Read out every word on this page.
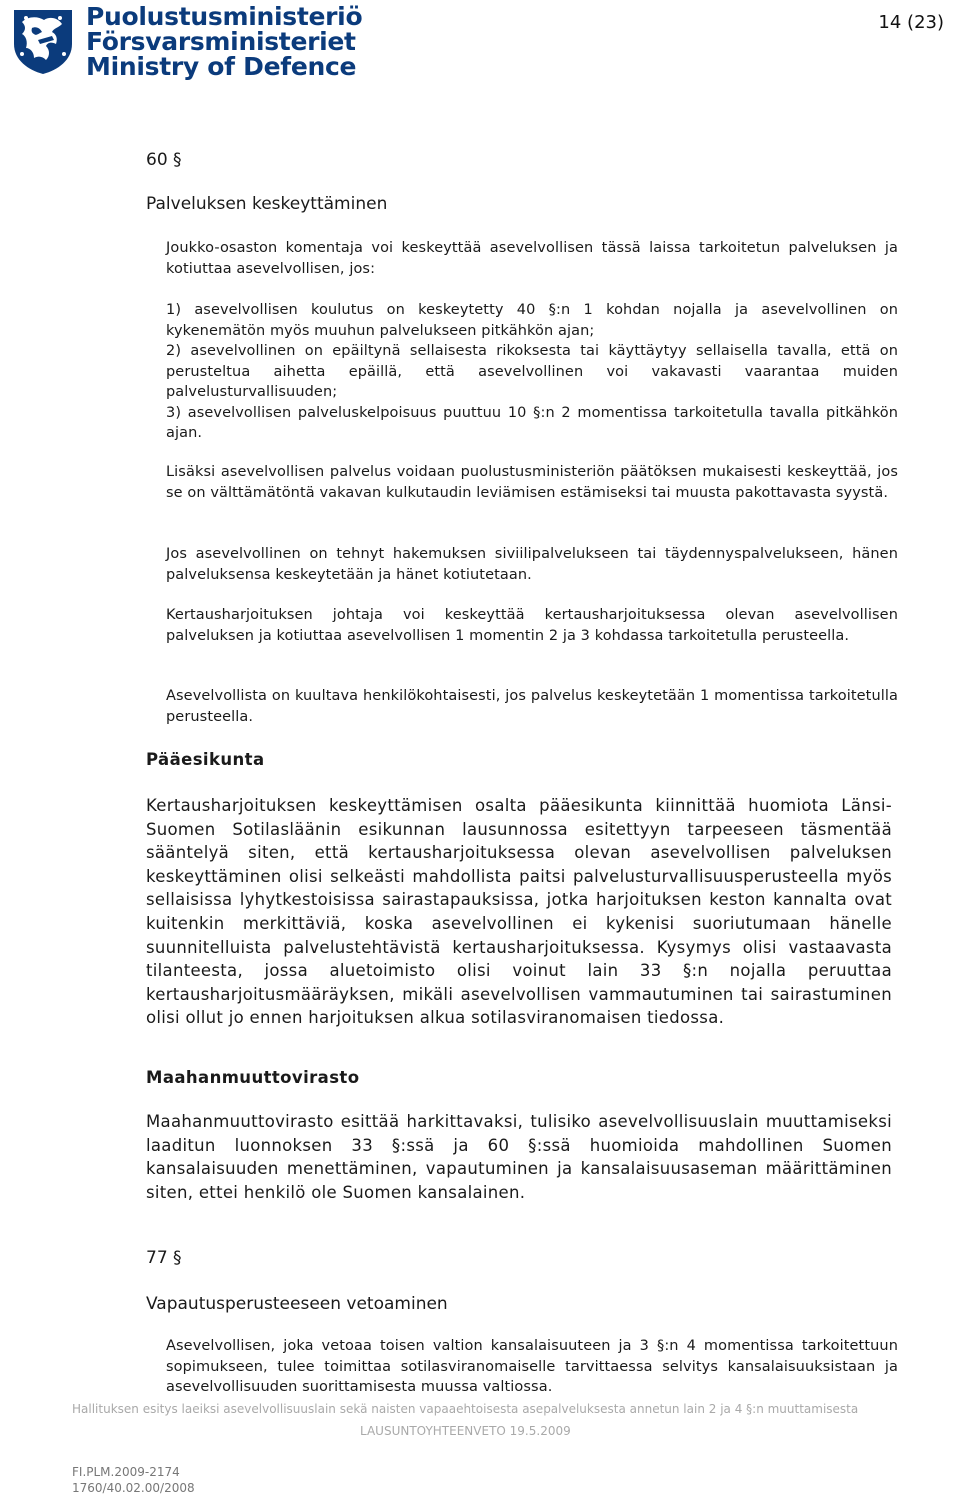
Puolustusministeriö
Försvarsministeriet
Ministry of Defence
14 (23)
60 §
Palveluksen keskeyttäminen

Joukko-osaston komentaja voi keskeyttää asevelvollisen tässä laissa tarkoitetun palveluksen ja kotiuttaa asevelvollisen, jos:

1) asevelvollisen koulutus on keskeytetty 40 §:n 1 kohdan nojalla ja asevelvollinen on kykenemätön myös muuhun palvelukseen pitkähkön ajan;
2) asevelvollinen on epäiltynä sellaisesta rikoksesta tai käyttäytyy sellaisella tavalla, että on perusteltua aihetta epäillä, että asevelvollinen voi vakavasti vaarantaa muiden palvelusturvallisuuden;
3) asevelvollisen palveluskelpoisuus puuttuu 10 §:n 2 momentissa tarkoitetulla tavalla pitkähkön ajan.

Lisäksi asevelvollisen palvelus voidaan puolustusministeriön päätöksen mukaisesti keskeyttää, jos se on välttämätöntä vakavan kulkutaudin leviämisen estämiseksi tai muusta pakottavasta syystä.

Jos asevelvollinen on tehnyt hakemuksen siviilipalvelukseen tai täydennyspalvelukseen, hänen palveluksensa keskeytetään ja hänet kotiutetaan.

Kertausharjoituksen johtaja voi keskeyttää kertausharjoituksessa olevan asevelvollisen palveluksen ja kotiuttaa asevelvollisen 1 momentin 2 ja 3 kohdassa tarkoitetulla perusteella.

Asevelvollista on kuultava henkilökohtaisesti, jos palvelus keskeytetään 1 momentissa tarkoitetulla perusteella.

Pääesikunta

Kertausharjoituksen keskeyttämisen osalta pääesikunta kiinnittää huomiota Länsi-Suomen Sotilasläänin esikunnan lausunnossa esitettyyn tarpeeseen täsmentää sääntelyä siten, että kertausharjoituksessa olevan asevelvollisen palveluksen keskeyttäminen olisi selkeästi mahdollista paitsi palvelusturvallisuusperusteella myös sellaisissa lyhytkestoisissa sairastapauksissa, jotka harjoituksen keston kannalta ovat kuitenkin merkittäviä, koska asevelvollinen ei kykenisi suoriutumaan hänelle suunnitelluista palvelustehtävistä kertausharjoituksessa. Kysymys olisi vastaavasta tilanteesta, jossa aluetoimisto olisi voinut lain 33 §:n nojalla peruuttaa kertausharjoitusmääräyksen, mikäli asevelvollisen vammautuminen tai sairastuminen olisi ollut jo ennen harjoituksen alkua sotilasviranomaisen tiedossa.

Maahanmuuttovirasto

Maahanmuuttovirasto esittää harkittavaksi, tulisiko asevelvollisuuslain muuttamiseksi laaditun luonnoksen 33 §:ssä ja 60 §:ssä huomioida mahdollinen Suomen kansalaisuuden menettäminen, vapautuminen ja kansalaisuusaseman määrittäminen siten, ettei henkilö ole Suomen kansalainen.

77 §
Vapautusperusteeseen vetoaminen

Asevelvollisen, joka vetoaa toisen valtion kansalaisuuteen ja 3 §:n 4 momentissa tarkoitettuun sopimukseen, tulee toimittaa sotilasviranomaiselle tarvittaessa selvitys kansalaisuuksistaan ja asevelvollisuuden suorittamisesta muussa valtiossa.

Hallituksen esitys laeiksi asevelvollisuuslain sekä naisten vapaaehtoisesta asepalveluksesta annetun lain 2 ja 4 §:n muuttamisesta
LAUSUNTOYHTEENVETO 19.5.2009
FI.PLM.2009-2174
1760/40.02.00/2008
